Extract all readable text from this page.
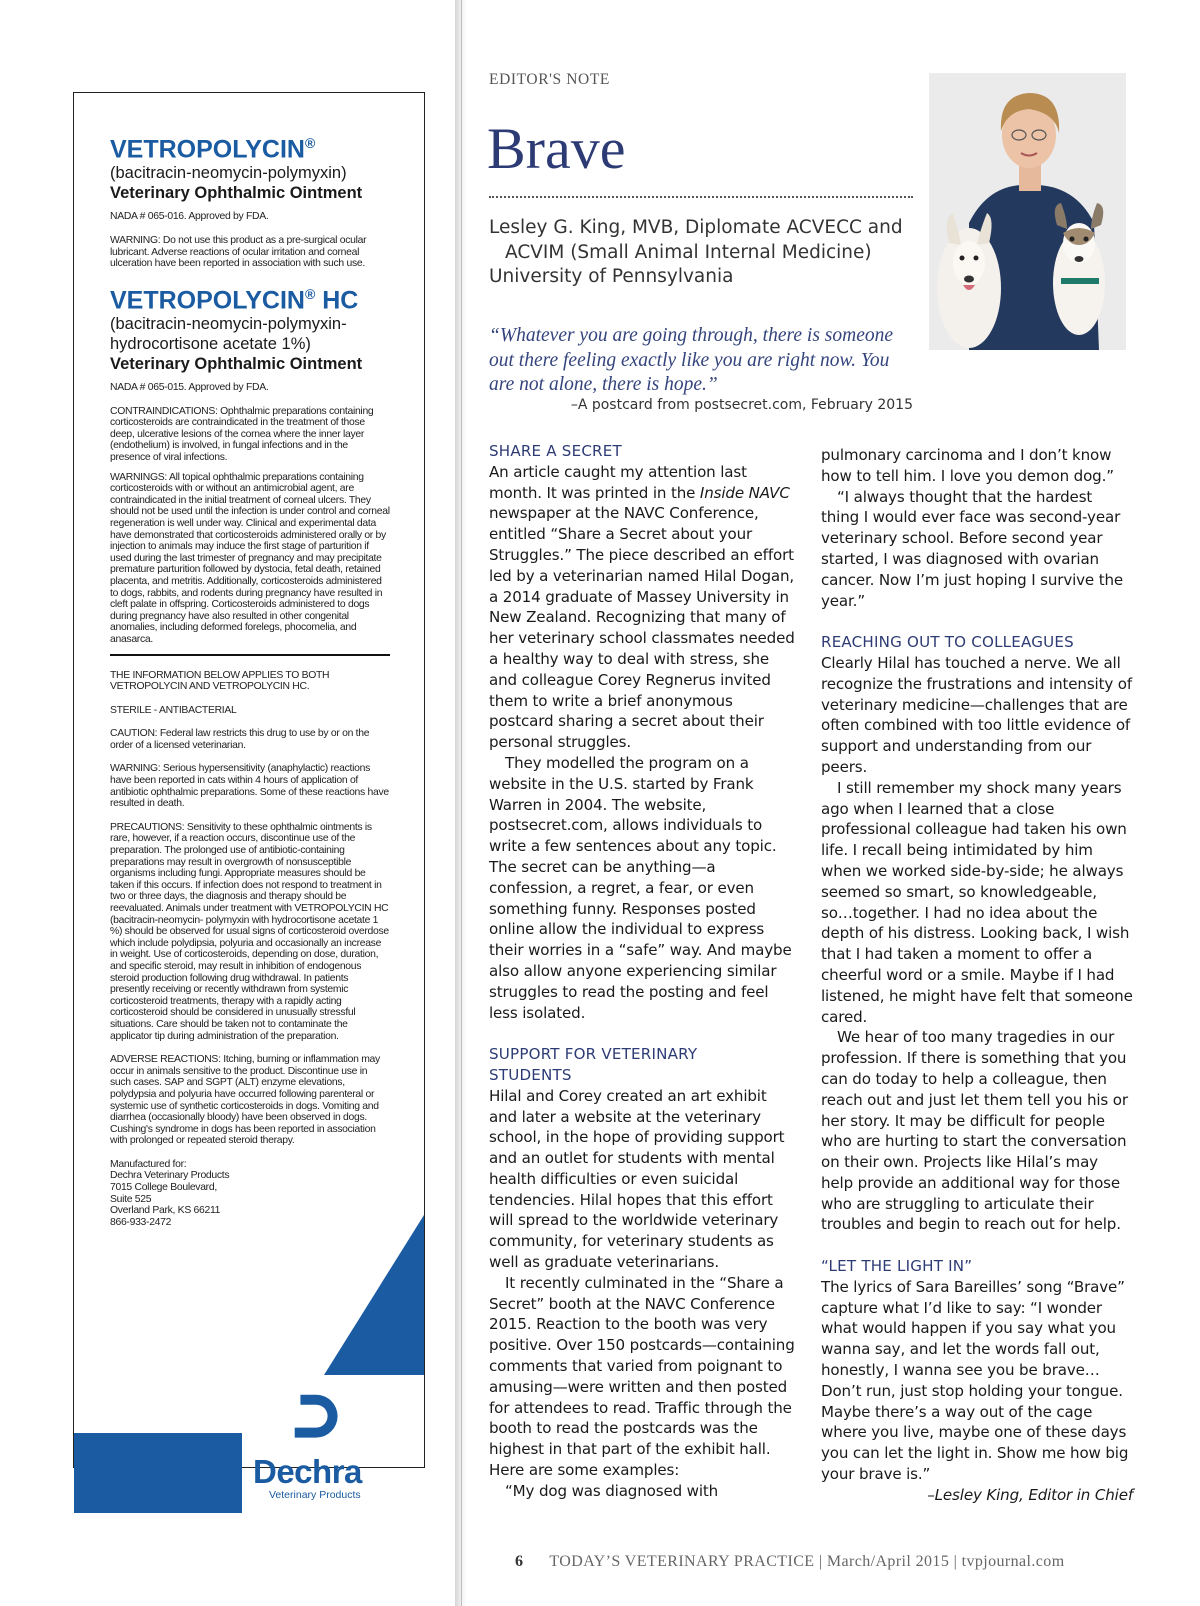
VETROPOLYCIN®

(bacitracin-neomycin-polymyxin)

Veterinary Ophthalmic Ointment

NADA # 065-016. Approved by FDA.

WARNING: Do not use this product as a pre-surgical ocular lubricant. Adverse reactions of ocular irritation and corneal ulceration have been reported in association with such use.

VETROPOLYCIN® HC

(bacitracin-neomycin-polymyxin-hydrocortisone acetate 1%)

Veterinary Ophthalmic Ointment

NADA # 065-015. Approved by FDA.

CONTRAINDICATIONS: Ophthalmic preparations containing corticosteroids are contraindicated in the treatment of those deep, ulcerative lesions of the cornea where the inner layer (endothelium) is involved, in fungal infections and in the presence of viral infections.

WARNINGS: All topical ophthalmic preparations containing corticosteroids with or without an antimicrobial agent, are contraindicated in the initial treatment of corneal ulcers. They should not be used until the infection is under control and corneal regeneration is well under way. Clinical and experimental data have demonstrated that corticosteroids administered orally or by injection to animals may induce the first stage of parturition if used during the last trimester of pregnancy and may precipitate premature parturition followed by dystocia, fetal death, retained placenta, and metritis. Additionally, corticosteroids administered to dogs, rabbits, and rodents during pregnancy have resulted in cleft palate in offspring. Corticosteroids administered to dogs during pregnancy have also resulted in other congenital anomalies, including deformed forelegs, phocomelia, and anasarca.

THE INFORMATION BELOW APPLIES TO BOTH VETROPOLYCIN AND VETROPOLYCIN HC.

STERILE - ANTIBACTERIAL

CAUTION: Federal law restricts this drug to use by or on the order of a licensed veterinarian.

WARNING: Serious hypersensitivity (anaphylactic) reactions have been reported in cats within 4 hours of application of antibiotic ophthalmic preparations. Some of these reactions have resulted in death.

PRECAUTIONS: Sensitivity to these ophthalmic ointments is rare, however, if a reaction occurs, discontinue use of the preparation. The prolonged use of antibiotic-containing preparations may result in overgrowth of nonsusceptible organisms including fungi. Appropriate measures should be taken if this occurs. If infection does not respond to treatment in two or three days, the diagnosis and therapy should be reevaluated. Animals under treatment with VETROPOLYCIN HC (bacitracin-neomycin- polymyxin with hydrocortisone acetate 1 %) should be observed for usual signs of corticosteroid overdose which include polydipsia, polyuria and occasionally an increase in weight. Use of corticosteroids, depending on dose, duration, and specific steroid, may result in inhibition of endogenous steroid production following drug withdrawal. In patients presently receiving or recently withdrawn from systemic corticosteroid treatments, therapy with a rapidly acting corticosteroid should be considered in unusually stressful situations. Care should be taken not to contaminate the applicator tip during administration of the preparation.

ADVERSE REACTIONS: Itching, burning or inflammation may occur in animals sensitive to the product. Discontinue use in such cases. SAP and SGPT (ALT) enzyme elevations, polydypsia and polyuria have occurred following parenteral or systemic use of synthetic corticosteroids in dogs. Vomiting and diarrhea (occasionally bloody) have been observed in dogs. Cushing's syndrome in dogs has been reported in association with prolonged or repeated steroid therapy.

Manufactured for:

Dechra Veterinary Products

7015 College Boulevard,

Suite 525

Overland Park, KS 66211

866-933-2472

Dechra
Veterinary Products
EDITOR'S NOTE
Brave
Lesley G. King, MVB, Diplomate ACVECC and
ACVIM (Small Animal Internal Medicine)
University of Pennsylvania
“Whatever you are going through, there is someone out there feeling exactly like you are right now. You are not alone, there is hope.”
–A postcard from postsecret.com, February 2015
SHARE A SECRET

An article caught my attention last month. It was printed in the Inside NAVC newspaper at the NAVC Conference, entitled “Share a Secret about your Struggles.” The piece described an effort led by a veterinarian named Hilal Dogan, a 2014 graduate of Massey University in New Zealand. Recognizing that many of her veterinary school classmates needed a healthy way to deal with stress, she and colleague Corey Regnerus invited them to write a brief anonymous postcard sharing a secret about their personal struggles.

They modelled the program on a website in the U.S. started by Frank Warren in 2004. The website, postsecret.com, allows individuals to write a few sentences about any topic. The secret can be anything—a confession, a regret, a fear, or even something funny. Responses posted online allow the individual to express their worries in a “safe” way. And maybe also allow anyone experiencing similar struggles to read the posting and feel less isolated.

SUPPORT FOR VETERINARY STUDENTS

Hilal and Corey created an art exhibit and later a website at the veterinary school, in the hope of providing support and an outlet for students with mental health difficulties or even suicidal tendencies. Hilal hopes that this effort will spread to the worldwide veterinary community, for veterinary students as well as graduate veterinarians.

It recently culminated in the “Share a Secret” booth at the NAVC Conference 2015. Reaction to the booth was very positive. Over 150 postcards—containing comments that varied from poignant to amusing—were written and then posted for attendees to read. Traffic through the booth to read the postcards was the highest in that part of the exhibit hall. Here are some examples:

“My dog was diagnosed with

pulmonary carcinoma and I don’t know how to tell him. I love you demon dog.”

“I always thought that the hardest thing I would ever face was second-year veterinary school. Before second year started, I was diagnosed with ovarian cancer. Now I’m just hoping I survive the year.”

REACHING OUT TO COLLEAGUES

Clearly Hilal has touched a nerve. We all recognize the frustrations and intensity of veterinary medicine—challenges that are often combined with too little evidence of support and understanding from our peers.

I still remember my shock many years ago when I learned that a close professional colleague had taken his own life. I recall being intimidated by him when we worked side-by-side; he always seemed so smart, so knowledgeable, so…together. I had no idea about the depth of his distress. Looking back, I wish that I had taken a moment to offer a cheerful word or a smile. Maybe if I had listened, he might have felt that someone cared.

We hear of too many tragedies in our profession. If there is something that you can do today to help a colleague, then reach out and just let them tell you his or her story. It may be difficult for people who are hurting to start the conversation on their own. Projects like Hilal’s may help provide an additional way for those who are struggling to articulate their troubles and begin to reach out for help.

“LET THE LIGHT IN”

The lyrics of Sara Bareilles’ song “Brave” capture what I’d like to say: “I wonder what would happen if you say what you wanna say, and let the words fall out, honestly, I wanna see you be brave…Don’t run, just stop holding your tongue. Maybe there’s a way out of the cage where you live, maybe one of these days you can let the light in. Show me how big your brave is.”

–Lesley King, Editor in Chief

6 TODAY’S VETERINARY PRACTICE | March/April 2015 | tvpjournal.com
